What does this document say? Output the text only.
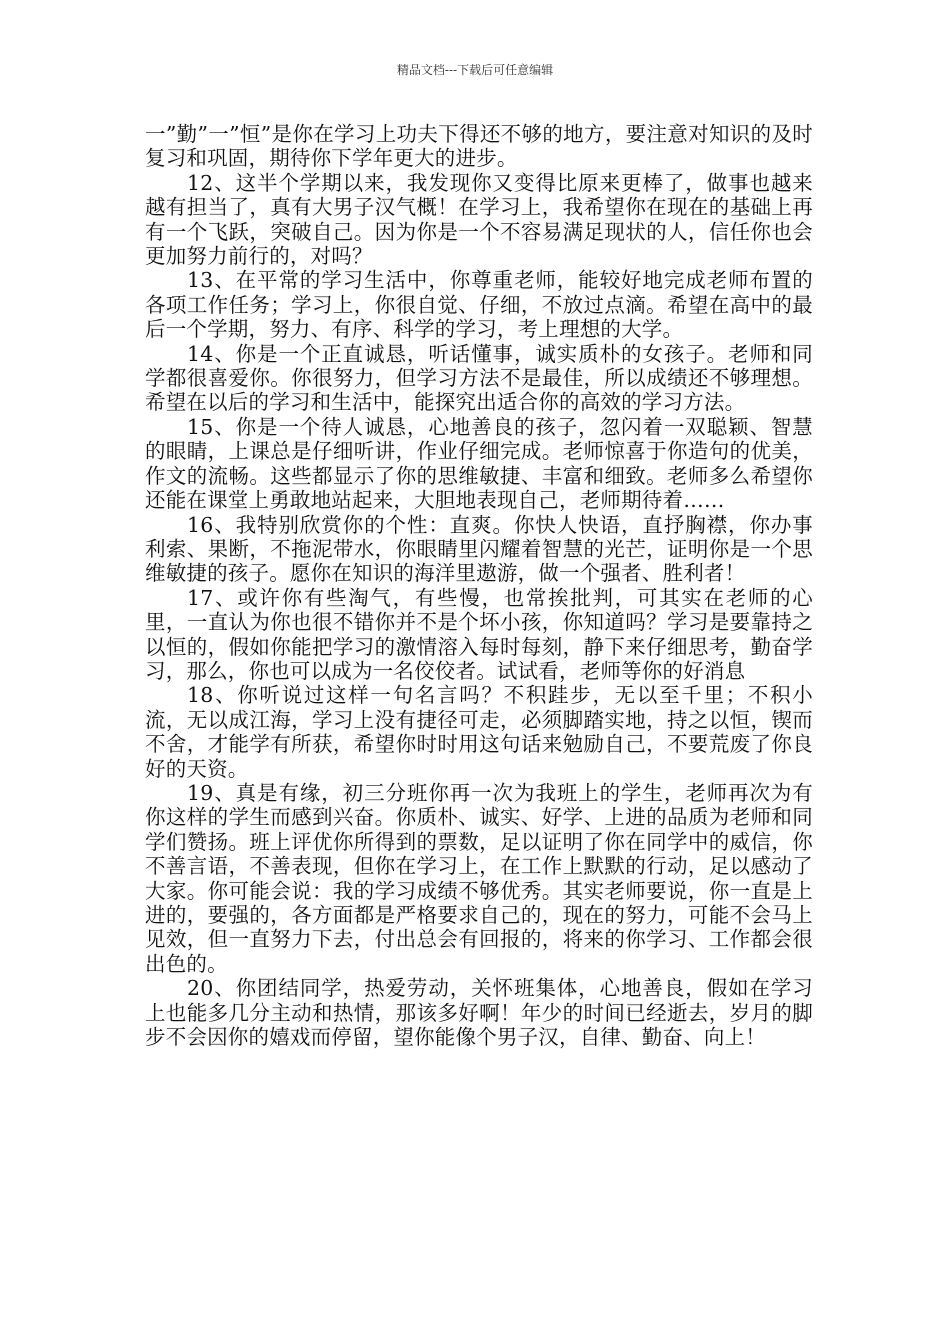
精品文档---下载后可任意编辑

一”勤”一”恒”是你在学习上功夫下得还不够的地方，要注意对知识的及时复习和巩固，期待你下学年更大的进步。

12、这半个学期以来，我发现你又变得比原来更棒了，做事也越来越有担当了，真有大男子汉气概！在学习上，我希望你在现在的基础上再有一个飞跃，突破自己。因为你是一个不容易满足现状的人，信任你也会更加努力前行的，对吗？

13、在平常的学习生活中，你尊重老师，能较好地完成老师布置的各项工作任务；学习上，你很自觉、仔细，不放过点滴。希望在高中的最后一个学期，努力、有序、科学的学习，考上理想的大学。

14、你是一个正直诚恳，听话懂事，诚实质朴的女孩子。老师和同学都很喜爱你。你很努力，但学习方法不是最佳，所以成绩还不够理想。希望在以后的学习和生活中，能探究出适合你的高效的学习方法。

15、你是一个待人诚恳，心地善良的孩子，忽闪着一双聪颖、智慧的眼睛，上课总是仔细听讲，作业仔细完成。老师惊喜于你造句的优美，作文的流畅。这些都显示了你的思维敏捷、丰富和细致。老师多么希望你还能在课堂上勇敢地站起来，大胆地表现自己，老师期待着……

16、我特别欣赏你的个性：直爽。你快人快语，直抒胸襟，你办事利索、果断，不拖泥带水，你眼睛里闪耀着智慧的光芒，证明你是一个思维敏捷的孩子。愿你在知识的海洋里遨游，做一个强者、胜利者！

17、或许你有些淘气，有些慢，也常挨批判，可其实在老师的心里，一直认为你也很不错你并不是个坏小孩，你知道吗？学习是要靠持之以恒的，假如你能把学习的激情溶入每时每刻，静下来仔细思考，勤奋学习，那么，你也可以成为一名佼佼者。试试看，老师等你的好消息

18、你听说过这样一句名言吗？不积跬步，无以至千里；不积小流，无以成江海，学习上没有捷径可走，必须脚踏实地，持之以恒，锲而不舍，才能学有所获，希望你时时用这句话来勉励自己，不要荒废了你良好的天资。

19、真是有缘，初三分班你再一次为我班上的学生，老师再次为有你这样的学生而感到兴奋。你质朴、诚实、好学、上进的品质为老师和同学们赞扬。班上评优你所得到的票数，足以证明了你在同学中的威信，你不善言语，不善表现，但你在学习上，在工作上默默的行动，足以感动了大家。你可能会说：我的学习成绩不够优秀。其实老师要说，你一直是上进的，要强的，各方面都是严格要求自己的，现在的努力，可能不会马上见效，但一直努力下去，付出总会有回报的，将来的你学习、工作都会很出色的。

20、你团结同学，热爱劳动，关怀班集体，心地善良，假如在学习上也能多几分主动和热情，那该多好啊！年少的时间已经逝去，岁月的脚步不会因你的嬉戏而停留，望你能像个男子汉，自律、勤奋、向上！
